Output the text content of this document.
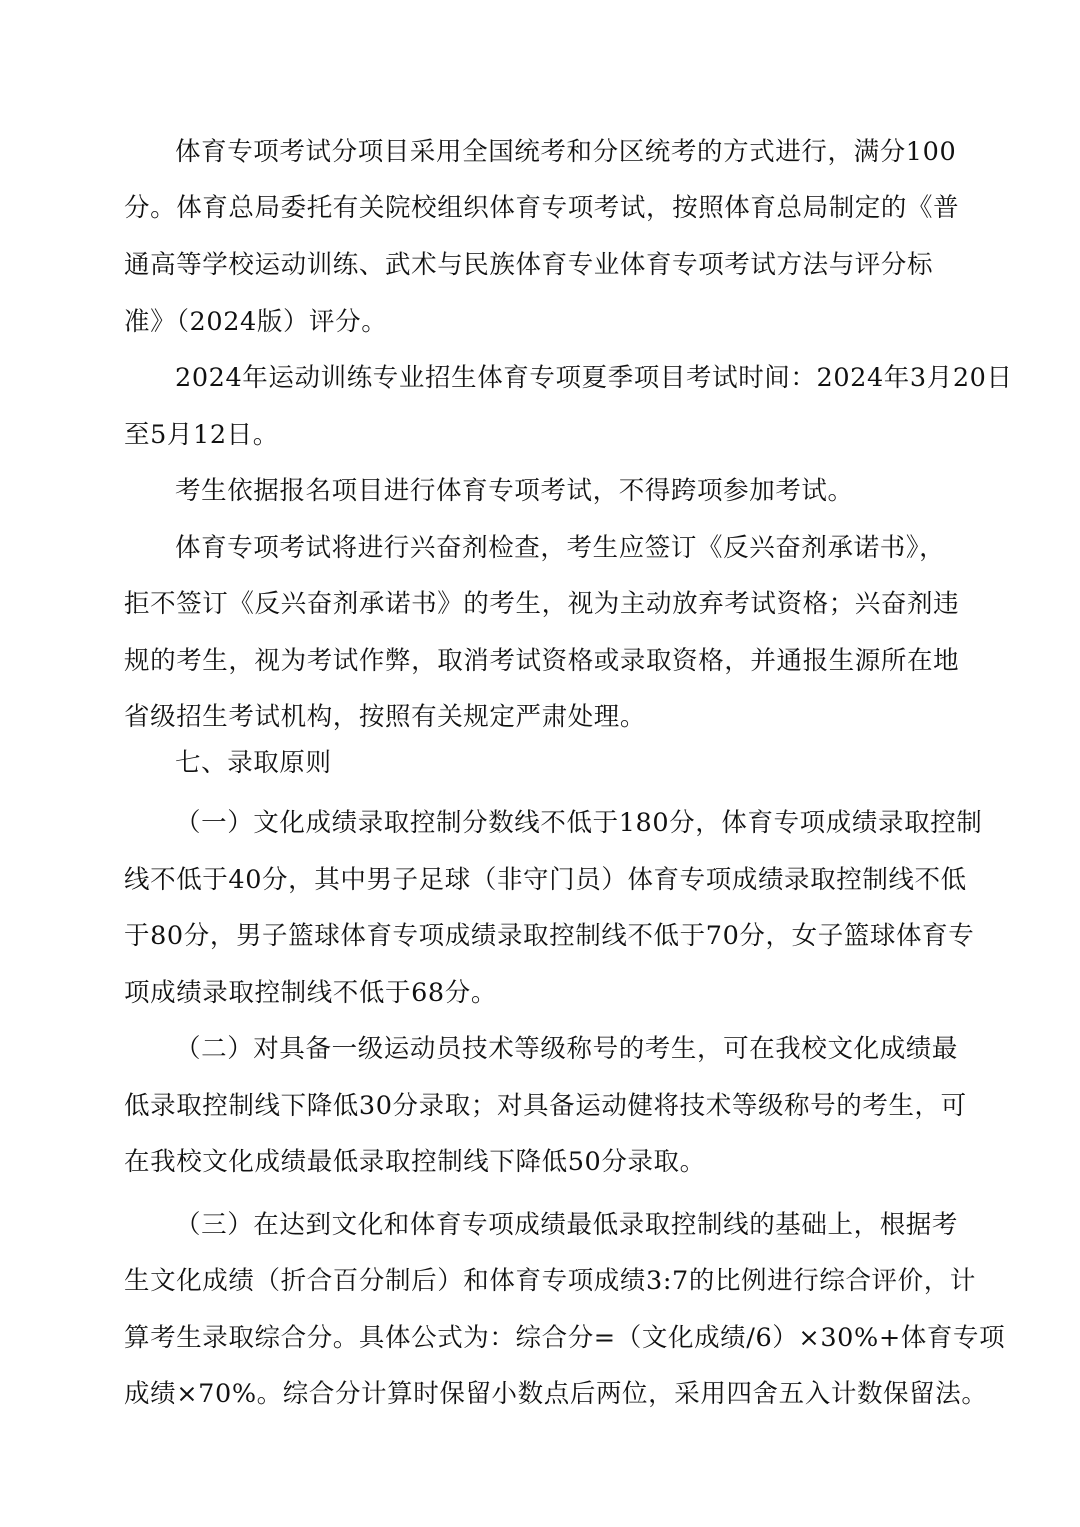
体育专项考试分项目采用全国统考和分区统考的方式进行，满分100
分。体育总局委托有关院校组织体育专项考试，按照体育总局制定的《普
通高等学校运动训练、武术与民族体育专业体育专项考试方法与评分标
准》（2024版）评分。
2024年运动训练专业招生体育专项夏季项目考试时间：2024年3月20日
至5月12日。
考生依据报名项目进行体育专项考试，不得跨项参加考试。
体育专项考试将进行兴奋剂检查，考生应签订《反兴奋剂承诺书》，
拒不签订《反兴奋剂承诺书》的考生，视为主动放弃考试资格；兴奋剂违
规的考生，视为考试作弊，取消考试资格或录取资格，并通报生源所在地
省级招生考试机构，按照有关规定严肃处理。
七、录取原则
（一）文化成绩录取控制分数线不低于180分，体育专项成绩录取控制
线不低于40分，其中男子足球（非守门员）体育专项成绩录取控制线不低
于80分，男子篮球体育专项成绩录取控制线不低于70分，女子篮球体育专
项成绩录取控制线不低于68分。
（二）对具备一级运动员技术等级称号的考生，可在我校文化成绩最
低录取控制线下降低30分录取；对具备运动健将技术等级称号的考生，可
在我校文化成绩最低录取控制线下降低50分录取。
（三）在达到文化和体育专项成绩最低录取控制线的基础上，根据考
生文化成绩（折合百分制后）和体育专项成绩3:7的比例进行综合评价，计
算考生录取综合分。具体公式为：综合分=（文化成绩/6）×30%+体育专项
成绩×70%。综合分计算时保留小数点后两位，采用四舍五入计数保留法。
